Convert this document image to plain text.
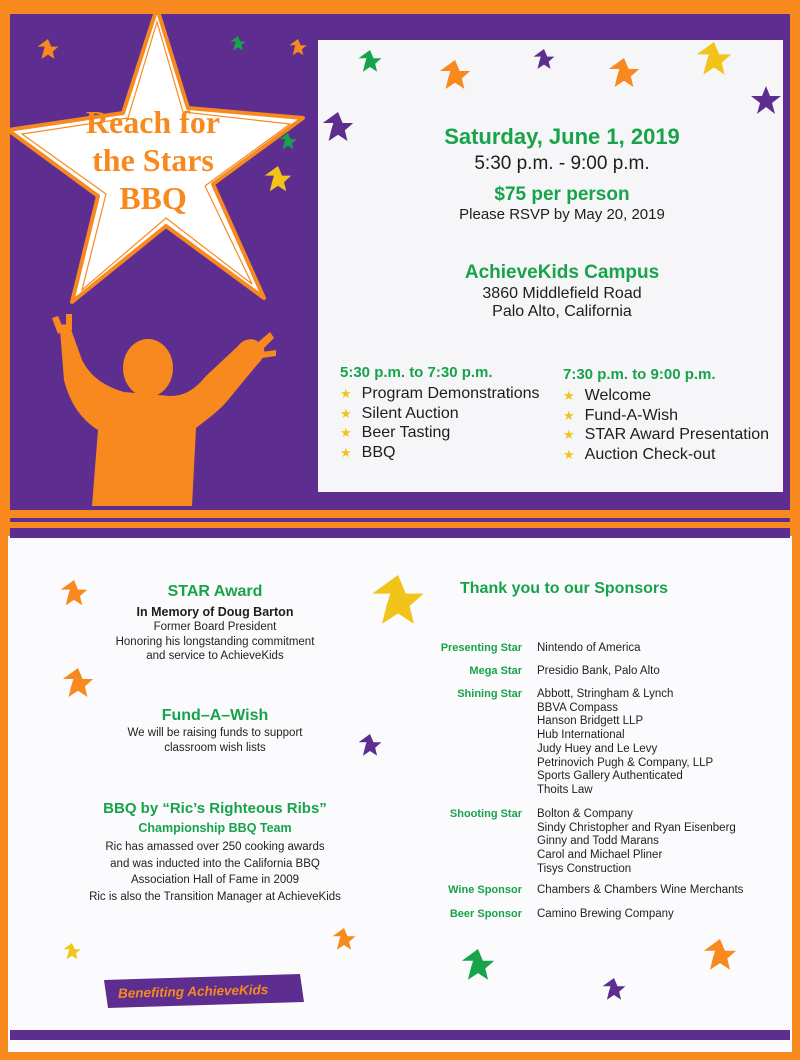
Reach for
the Stars
BBQ
Saturday, June 1, 2019
5:30 p.m. - 9:00 p.m.
$75 per person
Please RSVP by May 20, 2019
AchieveKids Campus
3860 Middlefield Road
Palo Alto, California
5:30 p.m. to 7:30 p.m.
★ Program Demonstrations
★ Silent Auction
★ Beer Tasting
★ BBQ
7:30 p.m. to 9:00 p.m.
★ Welcome
★ Fund-A-Wish
★ STAR Award Presentation
★ Auction Check-out
STAR Award
In Memory of Doug Barton
Former Board President
Honoring his longstanding commitment
and service to AchieveKids
Fund–A–Wish
We will be raising funds to support
classroom wish lists
BBQ by “Ric’s Righteous Ribs”
Championship BBQ Team
Ric has amassed over 250 cooking awards
and was inducted into the California BBQ
Association Hall of Fame in 2009
Ric is also the Transition Manager at AchieveKids
Benefiting AchieveKids
Thank you to our Sponsors
Presenting Star Nintendo of America
Mega Star Presidio Bank, Palo Alto
Shining Star Abbott, Stringham & Lynch
BBVA Compass
Hanson Bridgett LLP
Hub International
Judy Huey and Le Levy
Petrinovich Pugh & Company, LLP
Sports Gallery Authenticated
Thoits Law
Shooting Star Bolton & Company
Sindy Christopher and Ryan Eisenberg
Ginny and Todd Marans
Carol and Michael Pliner
Tisys Construction
Wine Sponsor Chambers & Chambers Wine Merchants
Beer Sponsor Camino Brewing Company
